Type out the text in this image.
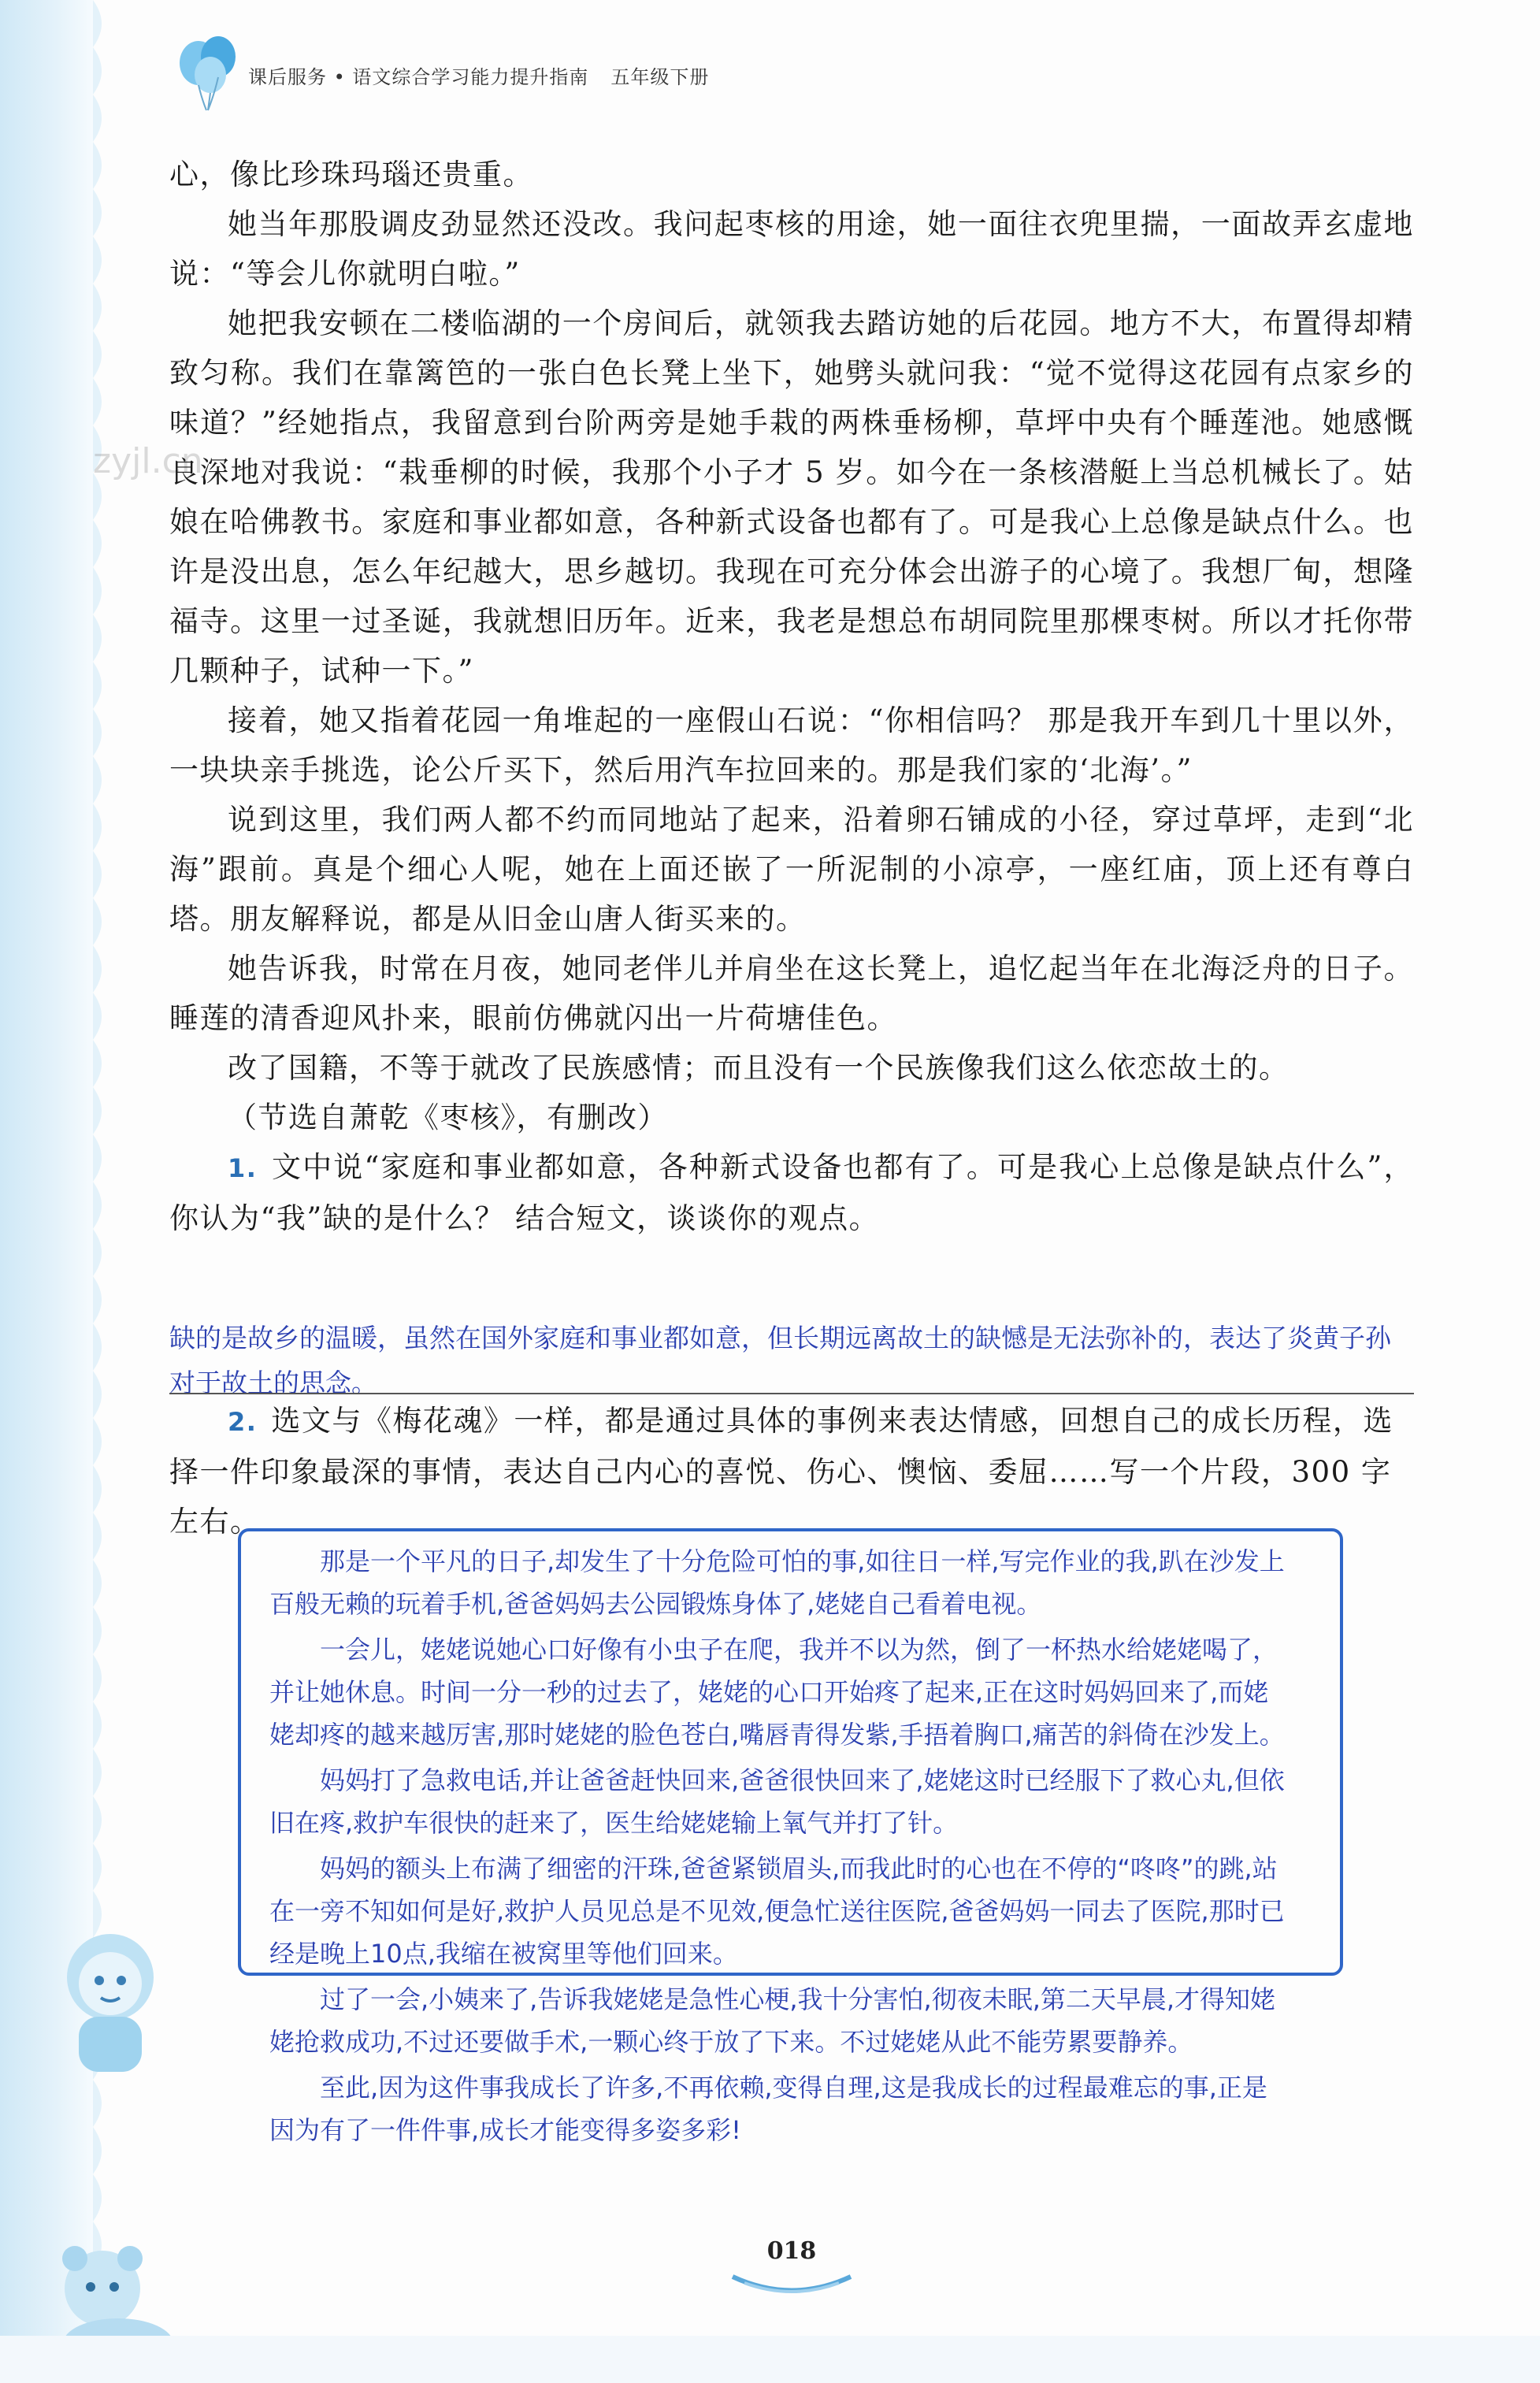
课后服务 • 语文综合学习能力提升指南 五年级下册
zyjl.cn

心，像比珍珠玛瑙还贵重。

她当年那股调皮劲显然还没改。我问起枣核的用途，她一面往衣兜里揣，一面故弄玄虚地说：“等会儿你就明白啦。”

她把我安顿在二楼临湖的一个房间后，就领我去踏访她的后花园。地方不大，布置得却精致匀称。我们在靠篱笆的一张白色长凳上坐下，她劈头就问我：“觉不觉得这花园有点家乡的味道？”经她指点，我留意到台阶两旁是她手栽的两株垂杨柳，草坪中央有个睡莲池。她感慨良深地对我说：“栽垂柳的时候，我那个小子才 5 岁。如今在一条核潜艇上当总机械长了。姑娘在哈佛教书。家庭和事业都如意，各种新式设备也都有了。可是我心上总像是缺点什么。也许是没出息，怎么年纪越大，思乡越切。我现在可充分体会出游子的心境了。我想厂甸，想隆福寺。这里一过圣诞，我就想旧历年。近来，我老是想总布胡同院里那棵枣树。所以才托你带几颗种子，试种一下。”

接着，她又指着花园一角堆起的一座假山石说：“你相信吗？ 那是我开车到几十里以外，一块块亲手挑选，论公斤买下，然后用汽车拉回来的。那是我们家的‘北海’。”

说到这里，我们两人都不约而同地站了起来，沿着卵石铺成的小径，穿过草坪，走到“北海”跟前。真是个细心人呢，她在上面还嵌了一所泥制的小凉亭，一座红庙，顶上还有尊白塔。朋友解释说，都是从旧金山唐人街买来的。

她告诉我，时常在月夜，她同老伴儿并肩坐在这长凳上，追忆起当年在北海泛舟的日子。睡莲的清香迎风扑来，眼前仿佛就闪出一片荷塘佳色。

改了国籍，不等于就改了民族感情；而且没有一个民族像我们这么依恋故土的。

（节选自萧乾《枣核》，有删改）

1. 文中说“家庭和事业都如意，各种新式设备也都有了。可是我心上总像是缺点什么”，你认为“我”缺的是什么？ 结合短文，谈谈你的观点。

缺的是故乡的温暖，虽然在国外家庭和事业都如意，但长期远离故土的缺憾是无法弥补的，表达了炎黄子孙对于故土的思念。

2. 选文与《梅花魂》一样，都是通过具体的事例来表达情感，回想自己的成长历程，选择一件印象最深的事情，表达自己内心的喜悦、伤心、懊恼、委屈……写一个片段，300 字左右。

那是一个平凡的日子,却发生了十分危险可怕的事,如往日一样,写完作业的我,趴在沙发上百般无赖的玩着手机,爸爸妈妈去公园锻炼身体了,姥姥自己看着电视。

一会儿，姥姥说她心口好像有小虫子在爬，我并不以为然，倒了一杯热水给姥姥喝了，并让她休息。时间一分一秒的过去了，姥姥的心口开始疼了起来,正在这时妈妈回来了,而姥姥却疼的越来越厉害,那时姥姥的脸色苍白,嘴唇青得发紫,手捂着胸口,痛苦的斜倚在沙发上。

妈妈打了急救电话,并让爸爸赶快回来,爸爸很快回来了,姥姥这时已经服下了救心丸,但依旧在疼,救护车很快的赶来了，医生给姥姥输上氧气并打了针。

妈妈的额头上布满了细密的汗珠,爸爸紧锁眉头,而我此时的心也在不停的“咚咚”的跳,站在一旁不知如何是好,救护人员见总是不见效,便急忙送往医院,爸爸妈妈一同去了医院,那时已经是晚上10点,我缩在被窝里等他们回来。

过了一会,小姨来了,告诉我姥姥是急性心梗,我十分害怕,彻夜未眠,第二天早晨,才得知姥姥抢救成功,不过还要做手术,一颗心终于放了下来。不过姥姥从此不能劳累要静养。

至此,因为这件事我成长了许多,不再依赖,变得自理,这是我成长的过程最难忘的事,正是因为有了一件件事,成长才能变得多姿多彩!

018
